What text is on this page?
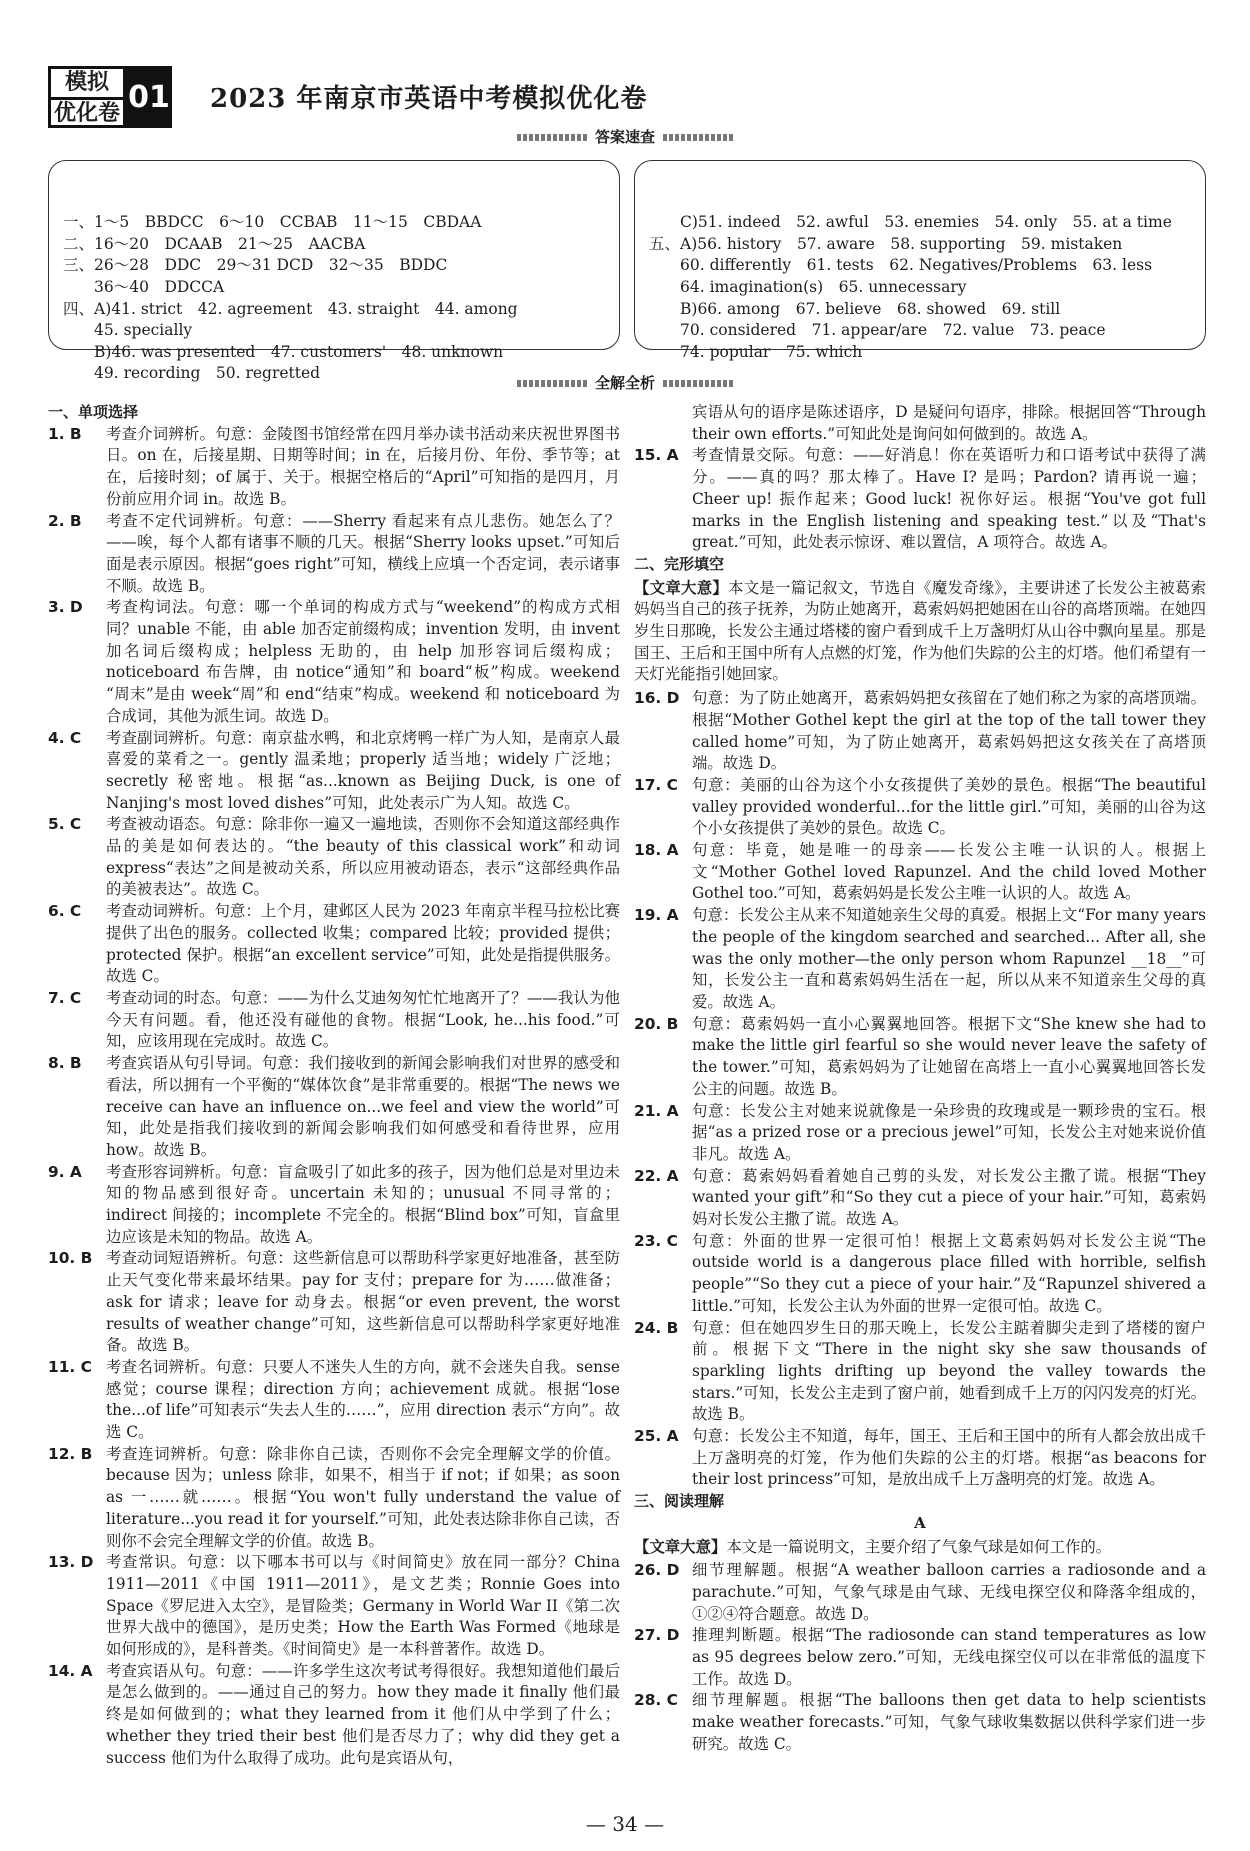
模拟
优化卷 01 2023 年南京市英语中考模拟优化卷
答案速查

一、1～5　BBDCC　6～10　CCBAB　11～15　CBDAA
二、16～20　DCAAB　21～25　AACBA
三、26～28　DDC　29～31 DCD　32～35　BDDC
　　36～40　DDCCA
四、A)41. strict　42. agreement　43. straight　44. among
　　45. specially
　　B)46. was presented　47. customers'　48. unknown
　　49. recording　50. regretted

　　C)51. indeed　52. awful　53. enemies　54. only　55. at a time
五、A)56. history　57. aware　58. supporting　59. mistaken
　　60. differently　61. tests　62. Negatives/Problems　63. less
　　64. imagination(s)　65. unnecessary
　　B)66. among　67. believe　68. showed　69. still
　　70. considered　71. appear/are　72. value　73. peace
　　74. popular　75. which

全解全析
一、单项选择
1. B	考查介词辨析。句意：金陵图书馆经常在四月举办读书活动来庆祝世界图书日。on 在，后接星期、日期等时间；in 在，后接月份、年份、季节等；at 在，后接时刻；of 属于、关于。根据空格后的“April”可知指的是四月，月份前应用介词 in。故选 B。
2. B	考查不定代词辨析。句意：——Sherry 看起来有点儿悲伤。她怎么了？——唉，每个人都有诸事不顺的几天。根据“Sherry looks upset.”可知后面是表示原因。根据“goes right”可知，横线上应填一个否定词，表示诸事不顺。故选 B。
3. D	考查构词法。句意：哪一个单词的构成方式与“weekend”的构成方式相同？unable 不能，由 able 加否定前缀构成；invention 发明，由 invent 加名词后缀构成；helpless 无助的，由 help 加形容词后缀构成；noticeboard 布告牌，由 notice“通知”和 board“板”构成。weekend “周末”是由 week“周”和 end“结束”构成。weekend 和 noticeboard 为合成词，其他为派生词。故选 D。
4. C	考查副词辨析。句意：南京盐水鸭，和北京烤鸭一样广为人知，是南京人最喜爱的菜肴之一。gently 温柔地；properly 适当地；widely 广泛地；secretly 秘密地。根据“as...known as Beijing Duck, is one of Nanjing's most loved dishes”可知，此处表示广为人知。故选 C。
5. C	考查被动语态。句意：除非你一遍又一遍地读，否则你不会知道这部经典作品的美是如何表达的。“the beauty of this classical work”和动词 express“表达”之间是被动关系，所以应用被动语态，表示“这部经典作品的美被表达”。故选 C。
6. C	考查动词辨析。句意：上个月，建邺区人民为 2023 年南京半程马拉松比赛提供了出色的服务。collected 收集；compared 比较；provided 提供；protected 保护。根据“an excellent service”可知，此处是指提供服务。故选 C。
7. C	考查动词的时态。句意：——为什么艾迪匆匆忙忙地离开了？——我认为他今天有问题。看，他还没有碰他的食物。根据“Look, he...his food.”可知，应该用现在完成时。故选 C。
8. B	考查宾语从句引导词。句意：我们接收到的新闻会影响我们对世界的感受和看法，所以拥有一个平衡的“媒体饮食”是非常重要的。根据“The news we receive can have an influence on...we feel and view the world”可知，此处是指我们接收到的新闻会影响我们如何感受和看待世界，应用 how。故选 B。
9. A	考查形容词辨析。句意：盲盒吸引了如此多的孩子，因为他们总是对里边未知的物品感到很好奇。uncertain 未知的；unusual 不同寻常的；indirect 间接的；incomplete 不完全的。根据“Blind box”可知，盲盒里边应该是未知的物品。故选 A。
10. B 考查动词短语辨析。句意：这些新信息可以帮助科学家更好地准备，甚至防止天气变化带来最坏结果。pay for 支付；prepare for 为……做准备；ask for 请求；leave for 动身去。根据“or even prevent, the worst results of weather change”可知，这些新信息可以帮助科学家更好地准备。故选 B。
11. C 考查名词辨析。句意：只要人不迷失人生的方向，就不会迷失自我。sense 感觉；course 课程；direction 方向；achievement 成就。根据“lose the...of life”可知表示“失去人生的……”，应用 direction 表示“方向”。故选 C。
12. B 考查连词辨析。句意：除非你自己读，否则你不会完全理解文学的价值。because 因为；unless 除非，如果不，相当于 if not；if 如果；as soon as 一……就……。根据“You won't fully understand the value of literature...you read it for yourself.”可知，此处表达除非你自己读，否则你不会完全理解文学的价值。故选 B。
13. D 考查常识。句意：以下哪本书可以与《时间简史》放在同一部分？China 1911—2011《中国 1911—2011》，是文艺类；Ronnie Goes into Space《罗尼进入太空》，是冒险类；Germany in World War II《第二次世界大战中的德国》，是历史类；How the Earth Was Formed《地球是如何形成的》，是科普类。《时间简史》是一本科普著作。故选 D。
14. A 考查宾语从句。句意：——许多学生这次考试考得很好。我想知道他们最后是怎么做到的。——通过自己的努力。how they made it finally 他们最终是如何做到的；what they learned from it 他们从中学到了什么；whether they tried their best 他们是否尽力了；why did they get a success 他们为什么取得了成功。此句是宾语从句，
宾语从句的语序是陈述语序，D 是疑问句语序，排除。根据回答“Through their own efforts.”可知此处是询问如何做到的。故选 A。
15. A 考查情景交际。句意：——好消息！你在英语听力和口语考试中获得了满分。——真的吗？那太棒了。Have I? 是吗；Pardon? 请再说一遍；Cheer up! 振作起来；Good luck! 祝你好运。根据“You've got full marks in the English listening and speaking test.”以及“That's great.”可知，此处表示惊讶、难以置信，A 项符合。故选 A。
二、完形填空
【文章大意】本文是一篇记叙文，节选自《魔发奇缘》，主要讲述了长发公主被葛索妈妈当自己的孩子抚养，为防止她离开，葛索妈妈把她困在山谷的高塔顶端。在她四岁生日那晚，长发公主通过塔楼的窗户看到成千上万盏明灯从山谷中飘向星星。那是国王、王后和王国中所有人点燃的灯笼，作为他们失踪的公主的灯塔。他们希望有一天灯光能指引她回家。
16. D 句意：为了防止她离开，葛索妈妈把女孩留在了她们称之为家的高塔顶端。根据“Mother Gothel kept the girl at the top of the tall tower they called home”可知，为了防止她离开，葛索妈妈把这女孩关在了高塔顶端。故选 D。
17. C 句意：美丽的山谷为这个小女孩提供了美妙的景色。根据“The beautiful valley provided wonderful...for the little girl.”可知，美丽的山谷为这个小女孩提供了美妙的景色。故选 C。
18. A 句意：毕竟，她是唯一的母亲——长发公主唯一认识的人。根据上文“Mother Gothel loved Rapunzel. And the child loved Mother Gothel too.”可知，葛索妈妈是长发公主唯一认识的人。故选 A。
19. A 句意：长发公主从来不知道她亲生父母的真爱。根据上文“For many years the people of the kingdom searched and searched... After all, she was the only mother—the only person whom Rapunzel __18__”可知，长发公主一直和葛索妈妈生活在一起，所以从来不知道亲生父母的真爱。故选 A。
20. B 句意：葛索妈妈一直小心翼翼地回答。根据下文“She knew she had to make the little girl fearful so she would never leave the safety of the tower.”可知，葛索妈妈为了让她留在高塔上一直小心翼翼地回答长发公主的问题。故选 B。
21. A 句意：长发公主对她来说就像是一朵珍贵的玫瑰或是一颗珍贵的宝石。根据“as a prized rose or a precious jewel”可知，长发公主对她来说价值非凡。故选 A。
22. A 句意：葛索妈妈看着她自己剪的头发，对长发公主撒了谎。根据“They wanted your gift”和“So they cut a piece of your hair.”可知，葛索妈妈对长发公主撒了谎。故选 A。
23. C 句意：外面的世界一定很可怕！根据上文葛索妈妈对长发公主说“The outside world is a dangerous place filled with horrible, selfish people”“So they cut a piece of your hair.”及“Rapunzel shivered a little.”可知，长发公主认为外面的世界一定很可怕。故选 C。
24. B 句意：但在她四岁生日的那天晚上，长发公主踮着脚尖走到了塔楼的窗户前。根据下文“There in the night sky she saw thousands of sparkling lights drifting up beyond the valley towards the stars.”可知，长发公主走到了窗户前，她看到成千上万的闪闪发亮的灯光。故选 B。
25. A 句意：长发公主不知道，每年，国王、王后和王国中的所有人都会放出成千上万盏明亮的灯笼，作为他们失踪的公主的灯塔。根据“as beacons for their lost princess”可知，是放出成千上万盏明亮的灯笼。故选 A。
三、阅读理解
A
【文章大意】本文是一篇说明文，主要介绍了气象气球是如何工作的。
26. D 细节理解题。根据“A weather balloon carries a radiosonde and a parachute.”可知，气象气球是由气球、无线电探空仪和降落伞组成的，①②④符合题意。故选 D。
27. D 推理判断题。根据“The radiosonde can stand temperatures as low as 95 degrees below zero.”可知，无线电探空仪可以在非常低的温度下工作。故选 D。
28. C 细节理解题。根据“The balloons then get data to help scientists make weather forecasts.”可知，气象气球收集数据以供科学家们进一步研究。故选 C。
— 34 —
